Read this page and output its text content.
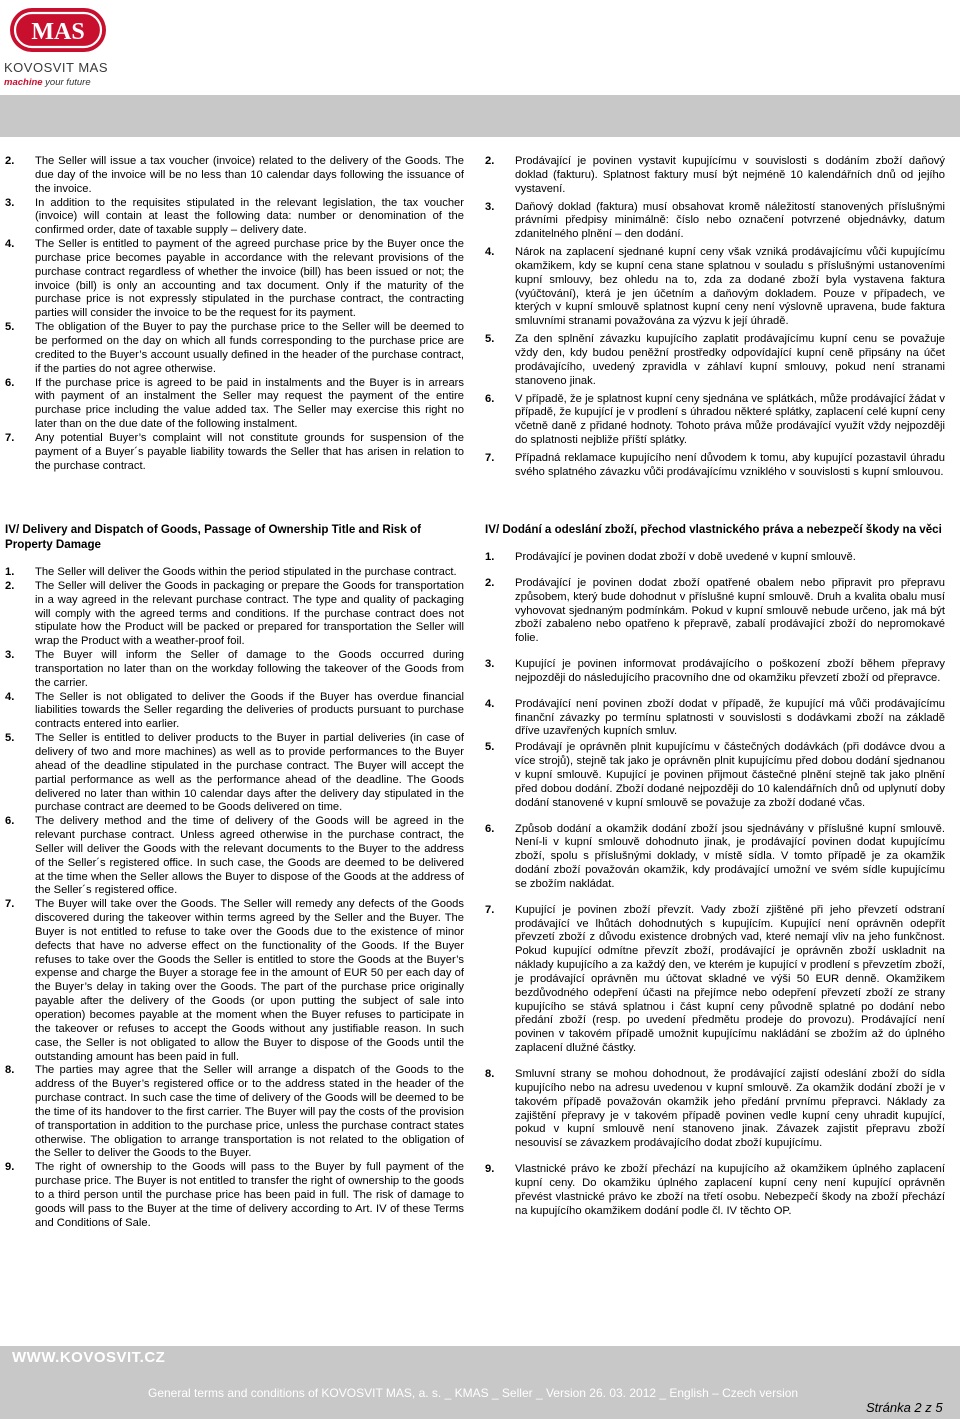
MAS
KOVOSVIT MAS
machine your future
2. The Seller will issue a tax voucher (invoice) related to the delivery of the Goods. The due day of the invoice will be no less than 10 calendar days following the issuance of the invoice.
3. In addition to the requisites stipulated in the relevant legislation, the tax voucher (invoice) will contain at least the following data: number or denomination of the confirmed order, date of taxable supply – delivery date.
4. The Seller is entitled to payment of the agreed purchase price by the Buyer once the purchase price becomes payable in accordance with the relevant provisions of the purchase contract regardless of whether the invoice (bill) has been issued or not; the invoice (bill) is only an accounting and tax document. Only if the maturity of the purchase price is not expressly stipulated in the purchase contract, the contracting parties will consider the invoice to be the request for its payment.
5. The obligation of the Buyer to pay the purchase price to the Seller will be deemed to be performed on the day on which all funds corresponding to the purchase price are credited to the Buyer’s account usually defined in the header of the purchase contract, if the parties do not agree otherwise.
6. If the purchase price is agreed to be paid in instalments and the Buyer is in arrears with payment of an instalment the Seller may request the payment of the entire purchase price including the value added tax. The Seller may exercise this right no later than on the due date of the following instalment.
7. Any potential Buyer’s complaint will not constitute grounds for suspension of the payment of a Buyer´s payable liability towards the Seller that has arisen in relation to the purchase contract.
2. Prodávající je povinen vystavit kupujícímu v souvislosti s dodáním zboží daňový doklad (fakturu). Splatnost faktury musí být nejméně 10 kalendářních dnů od jejího vystavení.
3. Daňový doklad (faktura) musí obsahovat kromě náležitostí stanovených příslušnými právními předpisy minimálně: číslo nebo označení potvrzené objednávky, datum zdanitelného plnění – den dodání.
4. Nárok na zaplacení sjednané kupní ceny však vzniká prodávajícímu vůči kupujícímu okamžikem, kdy se kupní cena stane splatnou v souladu s příslušnými ustanoveními kupní smlouvy, bez ohledu na to, zda za dodané zboží byla vystavena faktura (vyúčtování), která je jen účetním a daňovým dokladem. Pouze v případech, ve kterých v kupní smlouvě splatnost kupní ceny není výslovně upravena, bude faktura smluvními stranami považována za výzvu k její úhradě.
5. Za den splnění závazku kupujícího zaplatit prodávajícímu kupní cenu se považuje vždy den, kdy budou peněžní prostředky odpovídající kupní ceně připsány na účet prodávajícího, uvedený zpravidla v záhlaví kupní smlouvy, pokud není stranami stanoveno jinak.
6. V případě, že je splatnost kupní ceny sjednána ve splátkách, může prodávající žádat v případě, že kupující je v prodlení s úhradou některé splátky, zaplacení celé kupní ceny včetně daně z přidané hodnoty. Tohoto práva může prodávající využít vždy nejpozději do splatnosti nejbliže příští splátky.
7. Případná reklamace kupujícího není důvodem k tomu, aby kupující pozastavil úhradu svého splatného závazku vůči prodávajícímu vzniklého v souvislosti s kupní smlouvou.
IV/ Delivery and Dispatch of Goods, Passage of Ownership Title and Risk of Property Damage
1. The Seller will deliver the Goods within the period stipulated in the purchase contract.
2. The Seller will deliver the Goods in packaging or prepare the Goods for transportation in a way agreed in the relevant purchase contract. The type and quality of packaging will comply with the agreed terms and conditions. If the purchase contract does not stipulate how the Product will be packed or prepared for transportation the Seller will wrap the Product with a weather-proof foil.
3. The Buyer will inform the Seller of damage to the Goods occurred during transportation no later than on the workday following the takeover of the Goods from the carrier.
4. The Seller is not obligated to deliver the Goods if the Buyer has overdue financial liabilities towards the Seller regarding the deliveries of products pursuant to purchase contracts entered into earlier.
5. The Seller is entitled to deliver products to the Buyer in partial deliveries (in case of delivery of two and more machines) as well as to provide performances to the Buyer ahead of the deadline stipulated in the purchase contract. The Buyer will accept the partial performance as well as the performance ahead of the deadline. The Goods delivered no later than within 10 calendar days after the delivery day stipulated in the purchase contract are deemed to be Goods delivered on time.
6. The delivery method and the time of delivery of the Goods will be agreed in the relevant purchase contract. Unless agreed otherwise in the purchase contract, the Seller will deliver the Goods with the relevant documents to the Buyer to the address of the Seller´s registered office. In such case, the Goods are deemed to be delivered at the time when the Seller allows the Buyer to dispose of the Goods at the address of the Seller´s registered office.
7. The Buyer will take over the Goods. The Seller will remedy any defects of the Goods discovered during the takeover within terms agreed by the Seller and the Buyer. The Buyer is not entitled to refuse to take over the Goods due to the existence of minor defects that have no adverse effect on the functionality of the Goods. If the Buyer refuses to take over the Goods the Seller is entitled to store the Goods at the Buyer’s expense and charge the Buyer a storage fee in the amount of EUR 50 per each day of the Buyer’s delay in taking over the Goods. The part of the purchase price originally payable after the delivery of the Goods (or upon putting the subject of sale into operation) becomes payable at the moment when the Buyer refuses to participate in the takeover or refuses to accept the Goods without any justifiable reason. In such case, the Seller is not obligated to allow the Buyer to dispose of the Goods until the outstanding amount has been paid in full.
8. The parties may agree that the Seller will arrange a dispatch of the Goods to the address of the Buyer’s registered office or to the address stated in the header of the purchase contract. In such case the time of delivery of the Goods will be deemed to be the time of its handover to the first carrier. The Buyer will pay the costs of the provision of transportation in addition to the purchase price, unless the purchase contract states otherwise. The obligation to arrange transportation is not related to the obligation of the Seller to deliver the Goods to the Buyer.
9. The right of ownership to the Goods will pass to the Buyer by full payment of the purchase price. The Buyer is not entitled to transfer the right of ownership to the goods to a third person until the purchase price has been paid in full. The risk of damage to goods will pass to the Buyer at the time of delivery according to Art. IV of these Terms and Conditions of Sale.
IV/ Dodání a odeslání zboží, přechod vlastnického práva a nebezpečí škody na věci
1. Prodávající je povinen dodat zboží v době uvedené v kupní smlouvě.
2. Prodávající je povinen dodat zboží opatřené obalem nebo připravit pro přepravu způsobem, který bude dohodnut v příslušné kupní smlouvě. Druh a kvalita obalu musí vyhovovat sjednaným podmínkám. Pokud v kupní smlouvě nebude určeno, jak má být zboží zabaleno nebo opatřeno k přepravě, zabalí prodávající zboží do nepromokavé folie.
3. Kupující je povinen informovat prodávajícího o poškození zboží během přepravy nejpozději do následujícího pracovního dne od okamžiku převzetí zboží od přepravce.
4. Prodávající není povinen zboží dodat v případě, že kupující má vůči prodávajícímu finanční závazky po termínu splatnosti v souvislosti s dodávkami zboží na základě dříve uzavřených kupních smluv.
5. Prodávají je oprávněn plnit kupujícímu v částečných dodávkách (při dodávce dvou a více strojů), stejně tak jako je oprávněn plnit kupujícímu před dobou dodání sjednanou v kupní smlouvě. Kupující je povinen přijmout částečné plnění stejně tak jako plnění před dobou dodání. Zboží dodané nejpozději do 10 kalendářních dnů od uplynutí doby dodání stanovené v kupní smlouvě se považuje za zboží dodané včas.
6. Způsob dodání a okamžik dodání zboží jsou sjednávány v příslušné kupní smlouvě. Není-li v kupní smlouvě dohodnuto jinak, je prodávající povinen dodat kupujícímu zboží, spolu s příslušnými doklady, v místě sídla. V tomto případě je za okamžik dodání zboží považován okamžik, kdy prodávající umožní ve svém sídle kupujícímu se zbožím nakládat.
7. Kupující je povinen zboží převzít. Vady zboží zjištěné při jeho převzetí odstraní prodávající ve lhůtách dohodnutých s kupujícím. Kupující není oprávněn odepřít převzetí zboží z důvodu existence drobných vad, které nemají vliv na jeho funkčnost. Pokud kupující odmítne převzít zboží, prodávající je oprávněn zboží uskladnit na náklady kupujícího a za každý den, ve kterém je kupující v prodlení s převzetím zboží, je prodávající oprávněn mu účtovat skladné ve výši 50 EUR denně. Okamžikem bezdůvodného odepření účasti na přejímce nebo odepření převzetí zboží ze strany kupujícího se stává splatnou i část kupní ceny původně splatné po dodání nebo předání zboží (resp. po uvedení předmětu prodeje do provozu). Prodávající není povinen v takovém případě umožnit kupujícímu nakládání se zbožím až do úplného zaplacení dlužné částky.
8. Smluvní strany se mohou dohodnout, že prodávající zajistí odeslání zboží do sídla kupujícího nebo na adresu uvedenou v kupní smlouvě. Za okamžik dodání zboží je v takovém případě považován okamžik jeho předání prvnímu přepravci. Náklady za zajištění přepravy je v takovém případě povinen vedle kupní ceny uhradit kupující, pokud v kupní smlouvě není stanoveno jinak. Závazek zajistit přepravu zboží nesouvisí se závazkem prodávajícího dodat zboží kupujícímu.
9. Vlastnické právo ke zboží přechází na kupujícího až okamžikem úplného zaplacení kupní ceny. Do okamžiku úplného zaplacení kupní ceny není kupující oprávněn převést vlastnické právo ke zboží na třetí osobu. Nebezpečí škody na zboží přechází na kupujícího okamžikem dodání podle čl. IV těchto OP.
WWW.KOVOSVIT.CZ
General terms and conditions of KOVOSVIT MAS, a. s. _ KMAS _ Seller _ Version 26. 03. 2012 _ English – Czech version
Stránka 2 z 5
